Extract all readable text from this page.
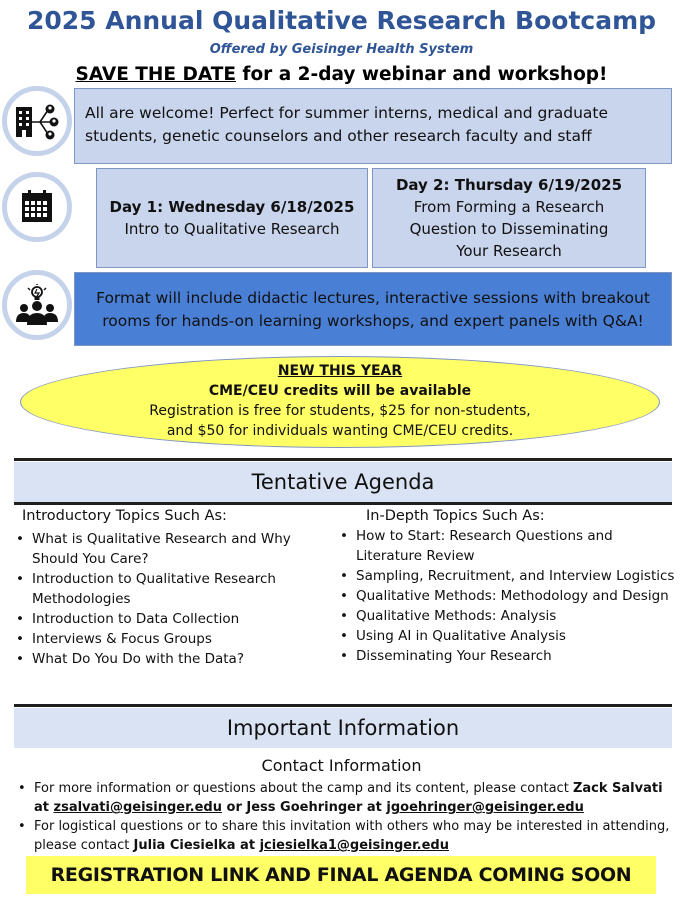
2025 Annual Qualitative Research Bootcamp
Offered by Geisinger Health System
SAVE THE DATE for a 2-day webinar and workshop!
All are welcome! Perfect for summer interns, medical and graduate students, genetic counselors and other research faculty and staff
Day 1: Wednesday 6/18/2025
Intro to Qualitative Research
Day 2: Thursday 6/19/2025
From Forming a Research Question to Disseminating Your Research
Format will include didactic lectures, interactive sessions with breakout rooms for hands-on learning workshops, and expert panels with Q&A!
NEW THIS YEAR
CME/CEU credits will be available
Registration is free for students, $25 for non-students,
and $50 for individuals wanting CME/CEU credits.
Tentative Agenda
Introductory Topics Such As:
• What is Qualitative Research and Why Should You Care?
• Introduction to Qualitative Research Methodologies
• Introduction to Data Collection
• Interviews & Focus Groups
• What Do You Do with the Data?
In-Depth Topics Such As:
• How to Start: Research Questions and Literature Review
• Sampling, Recruitment, and Interview Logistics
• Qualitative Methods: Methodology and Design
• Qualitative Methods: Analysis
• Using AI in Qualitative Analysis
• Disseminating Your Research
Important Information
Contact Information
• For more information or questions about the camp and its content, please contact Zack Salvati at zsalvati@geisinger.edu or Jess Goehringer at jgoehringer@geisinger.edu
• For logistical questions or to share this invitation with others who may be interested in attending, please contact Julia Ciesielka at jciesielka1@geisinger.edu
REGISTRATION LINK AND FINAL AGENDA COMING SOON
